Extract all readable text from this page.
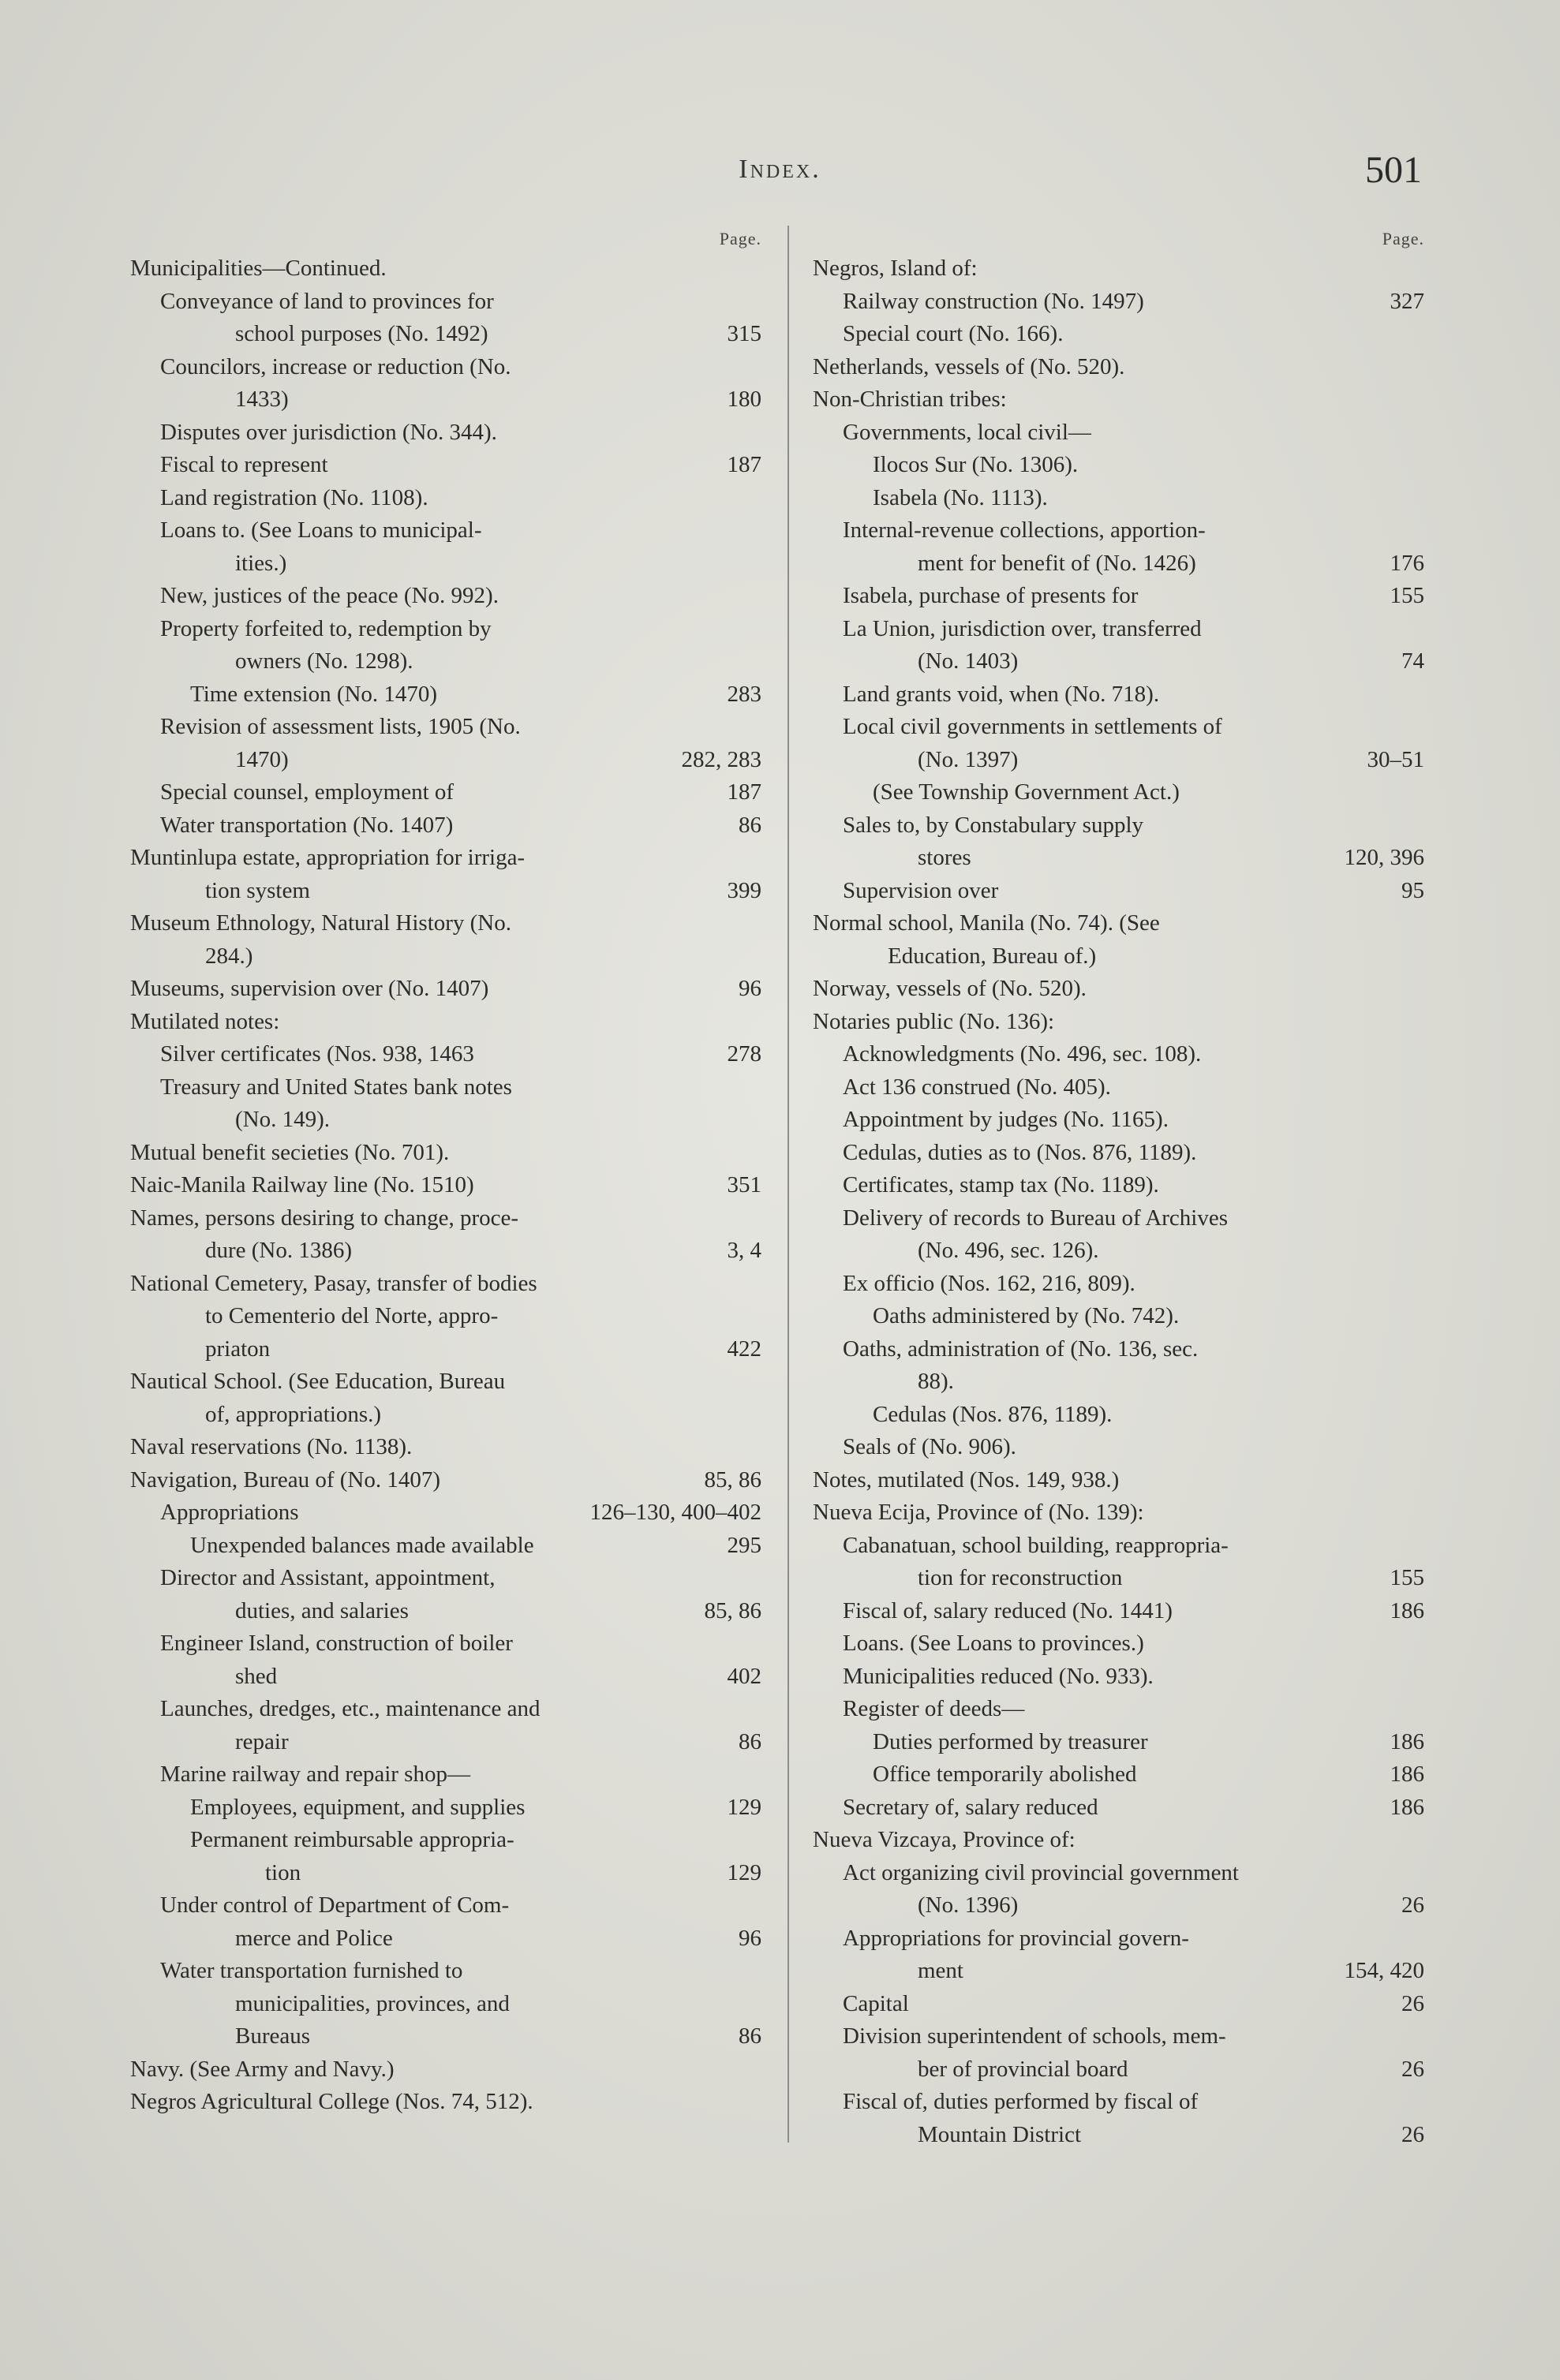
Index.	501
Page.
Municipalities—Continued.
Conveyance of land to provinces for
school purposes (No. 1492)	315
Councilors, increase or reduction (No.
1433)	180
Disputes over jurisdiction (No. 344).
Fiscal to represent	187
Land registration (No. 1108).
Loans to. (See Loans to municipal-
ities.)
New, justices of the peace (No. 992).
Property forfeited to, redemption by
owners (No. 1298).
Time extension (No. 1470)	283
Revision of assessment lists, 1905 (No.
1470)	282, 283
Special counsel, employment of	187
Water transportation (No. 1407)	86
Muntinlupa estate, appropriation for irriga-
tion system	399
Museum Ethnology, Natural History (No.
284.)
Museums, supervision over (No. 1407)	96
Mutilated notes:
Silver certificates (Nos. 938, 1463	278
Treasury and United States bank notes
(No. 149).
Mutual benefit secieties (No. 701).
Naic-Manila Railway line (No. 1510)	351
Names, persons desiring to change, proce-
dure (No. 1386)	3, 4
National Cemetery, Pasay, transfer of bodies
to Cementerio del Norte, appro-
priaton	422
Nautical School. (See Education, Bureau
of, appropriations.)
Naval reservations (No. 1138).
Navigation, Bureau of (No. 1407)	85, 86
Appropriations	126–130, 400–402
Unexpended balances made available	295
Director and Assistant, appointment,
duties, and salaries	85, 86
Engineer Island, construction of boiler
shed	402
Launches, dredges, etc., maintenance and
repair	86
Marine railway and repair shop—
Employees, equipment, and supplies	129
Permanent reimbursable appropria-
tion	129
Under control of Department of Com-
merce and Police	96
Water transportation furnished to
municipalities, provinces, and
Bureaus	86
Navy. (See Army and Navy.)
Negros Agricultural College (Nos. 74, 512).
Page.
Negros, Island of:
Railway construction (No. 1497)	327
Special court (No. 166).
Netherlands, vessels of (No. 520).
Non-Christian tribes:
Governments, local civil—
Ilocos Sur (No. 1306).
Isabela (No. 1113).
Internal-revenue collections, apportion-
ment for benefit of (No. 1426)	176
Isabela, purchase of presents for	155
La Union, jurisdiction over, transferred
(No. 1403)	74
Land grants void, when (No. 718).
Local civil governments in settlements of
(No. 1397)	30–51
(See Township Government Act.)
Sales to, by Constabulary supply
stores	120, 396
Supervision over	95
Normal school, Manila (No. 74). (See
Education, Bureau of.)
Norway, vessels of (No. 520).
Notaries public (No. 136):
Acknowledgments (No. 496, sec. 108).
Act 136 construed (No. 405).
Appointment by judges (No. 1165).
Cedulas, duties as to (Nos. 876, 1189).
Certificates, stamp tax (No. 1189).
Delivery of records to Bureau of Archives
(No. 496, sec. 126).
Ex officio (Nos. 162, 216, 809).
Oaths administered by (No. 742).
Oaths, administration of (No. 136, sec.
88).
Cedulas (Nos. 876, 1189).
Seals of (No. 906).
Notes, mutilated (Nos. 149, 938.)
Nueva Ecija, Province of (No. 139):
Cabanatuan, school building, reappropria-
tion for reconstruction	155
Fiscal of, salary reduced (No. 1441)	186
Loans. (See Loans to provinces.)
Municipalities reduced (No. 933).
Register of deeds—
Duties performed by treasurer	186
Office temporarily abolished	186
Secretary of, salary reduced	186
Nueva Vizcaya, Province of:
Act organizing civil provincial government
(No. 1396)	26
Appropriations for provincial govern-
ment	154, 420
Capital	26
Division superintendent of schools, mem-
ber of provincial board	26
Fiscal of, duties performed by fiscal of
Mountain District	26
